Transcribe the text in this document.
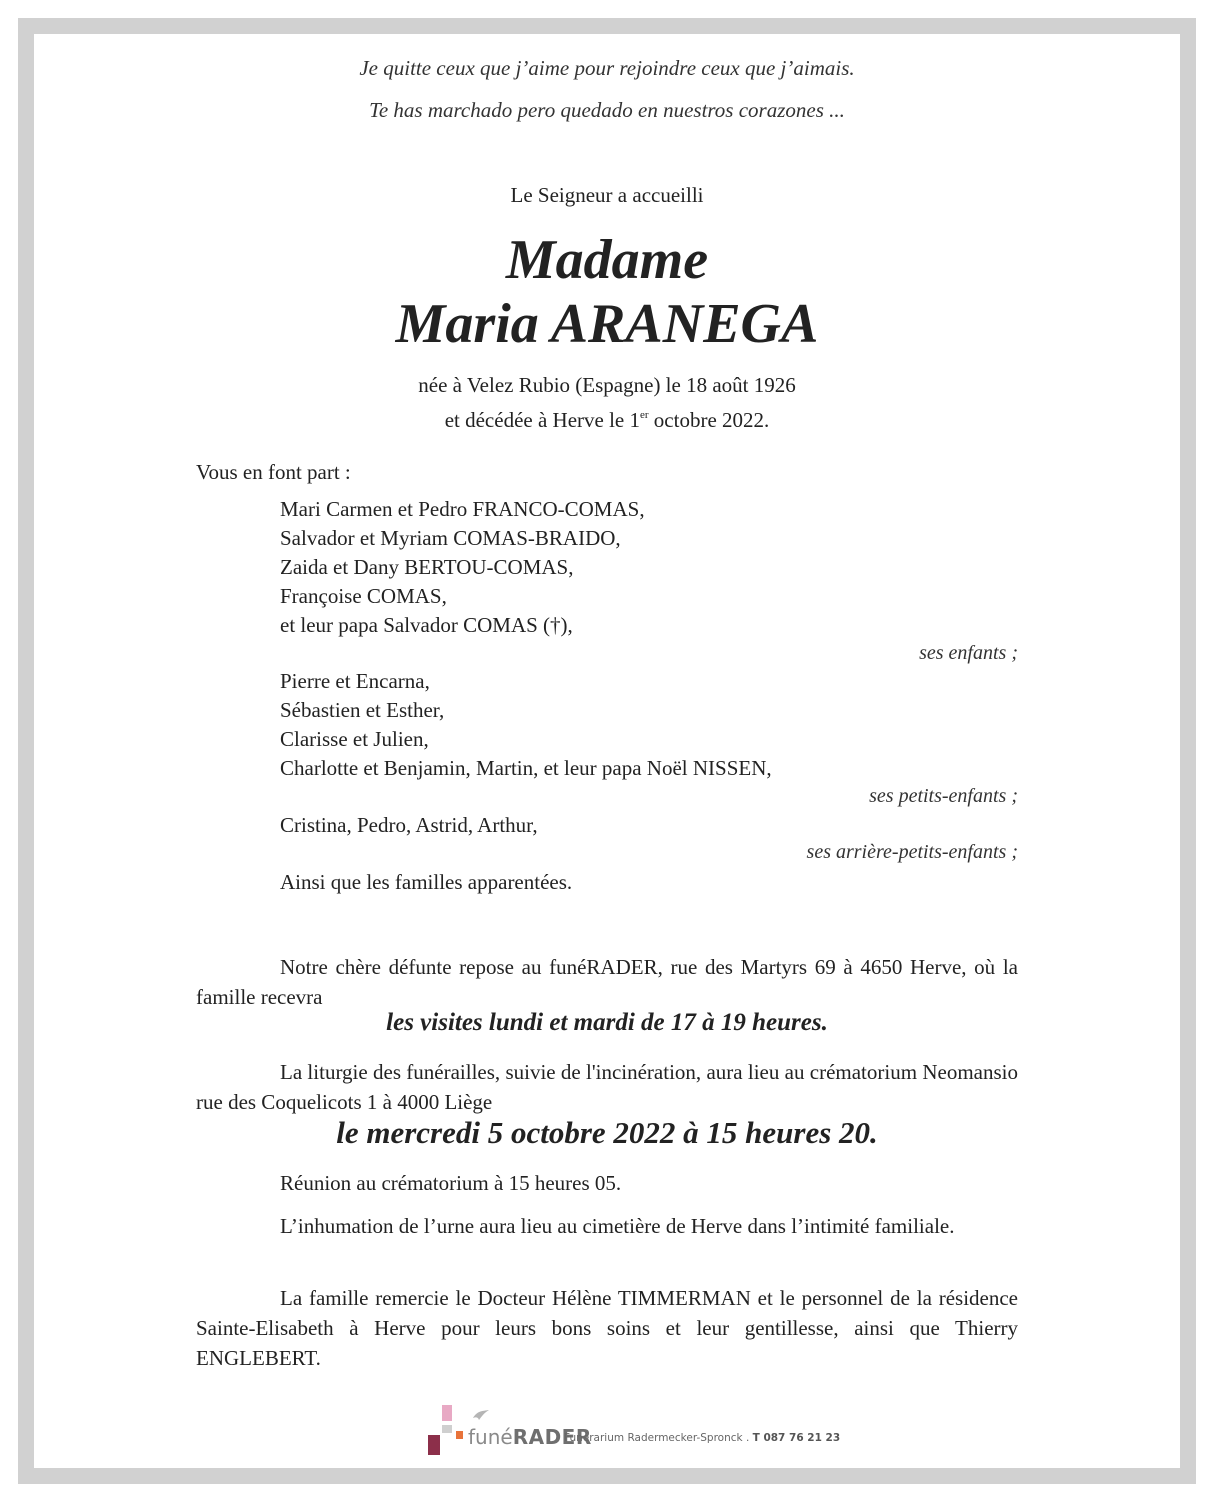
Je quitte ceux que j’aime pour rejoindre ceux que j’aimais.
Te has marchado pero quedado en nuestros corazones ...
Le Seigneur a accueilli
Madame
Maria ARANEGA
née à Velez Rubio (Espagne) le 18 août 1926
et décédée à Herve le 1er octobre 2022.
Vous en font part :
Mari Carmen et Pedro FRANCO-COMAS,
Salvador et Myriam COMAS-BRAIDO,
Zaida et Dany BERTOU-COMAS,
Françoise COMAS,
et leur papa Salvador COMAS (†),
ses enfants ;
Pierre et Encarna,
Sébastien et Esther,
Clarisse et Julien,
Charlotte et Benjamin, Martin, et leur papa Noël NISSEN,
ses petits-enfants ;
Cristina, Pedro, Astrid, Arthur,
ses arrière-petits-enfants ;
Ainsi que les familles apparentées.
Notre chère défunte repose au funéRADER, rue des Martyrs 69 à 4650 Herve, où la famille recevra
les visites lundi et mardi de 17 à 19 heures.
La liturgie des funérailles, suivie de l'incinération, aura lieu au crématorium Neomansio rue des Coquelicots 1 à 4000 Liège
le mercredi 5 octobre 2022 à 15 heures 20.
Réunion au crématorium à 15 heures 05.
L’inhumation de l’urne aura lieu au cimetière de Herve dans l’intimité familiale.
La famille remercie le Docteur Hélène TIMMERMAN et le personnel de la résidence Sainte-Elisabeth à Herve pour leurs bons soins et leur gentillesse, ainsi que Thierry ENGLEBERT.
funéRADER
Funérarium Radermecker-Spronck . T 087 76 21 23
